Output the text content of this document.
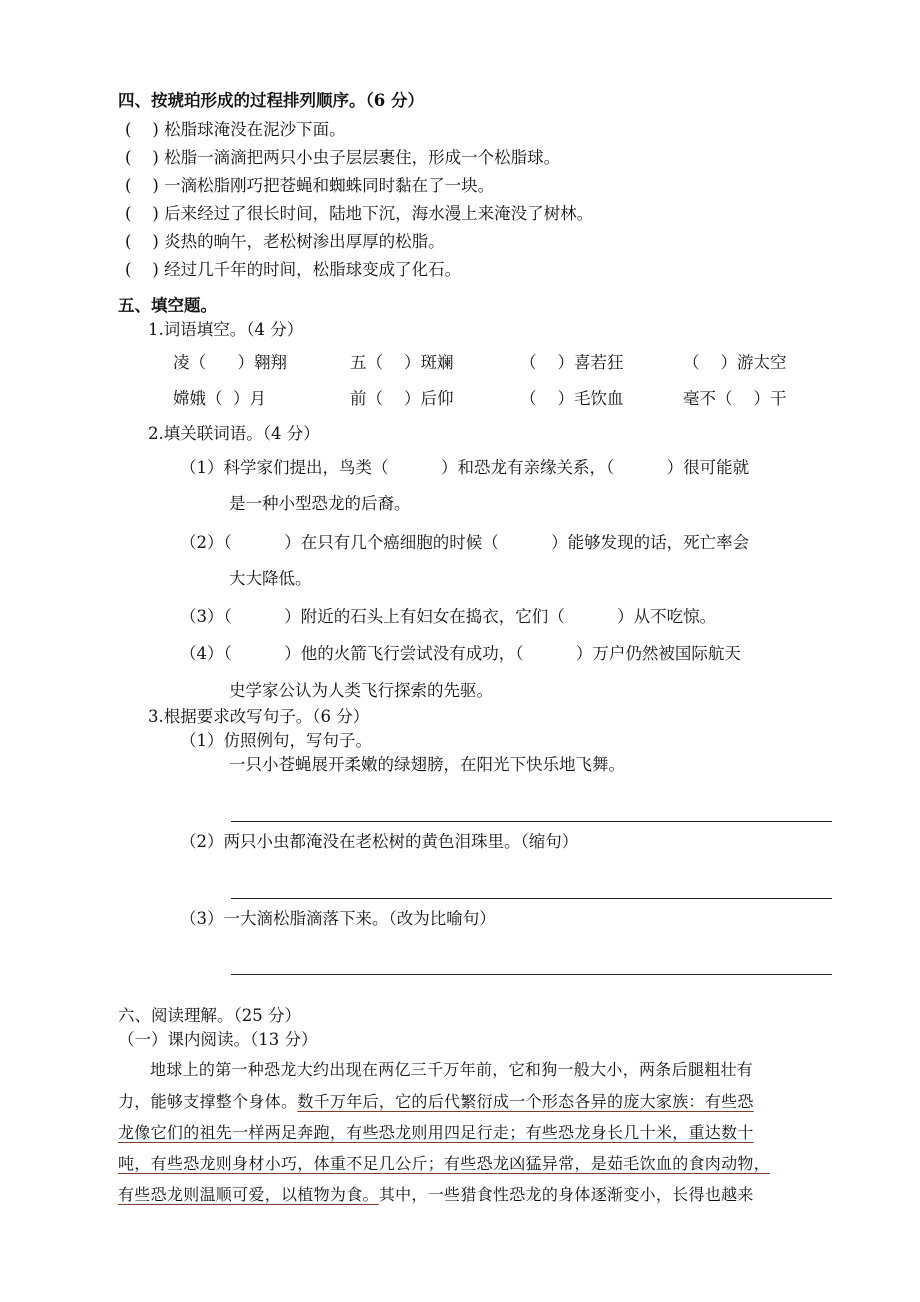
四、按琥珀形成的过程排列顺序。（6 分）
(    ) 松脂球淹没在泥沙下面。
(    ) 松脂一滴滴把两只小虫子层层裹住，形成一个松脂球。
(    ) 一滴松脂刚巧把苍蝇和蜘蛛同时黏在了一块。
(    ) 后来经过了很长时间，陆地下沉，海水漫上来淹没了树林。
(    ) 炎热的晌午，老松树渗出厚厚的松脂。
(    ) 经过几千年的时间，松脂球变成了化石。
五、填空题。
1.词语填空。（4 分）
凌（      ）翱翔	五（    ）斑斓	（    ）喜若狂	（    ）游太空
嫦娥（  ）月	前（    ）后仰	（    ）毛饮血	毫不（    ）干
2.填关联词语。（4 分）
（1）科学家们提出，鸟类（          ）和恐龙有亲缘关系，（          ）很可能就
是一种小型恐龙的后裔。
（2）（          ）在只有几个癌细胞的时候（          ）能够发现的话，死亡率会
大大降低。
（3）（          ）附近的石头上有妇女在捣衣，它们（          ）从不吃惊。
（4）（          ）他的火箭飞行尝试没有成功，（          ）万户仍然被国际航天
史学家公认为人类飞行探索的先驱。
3.根据要求改写句子。（6 分）
（1）仿照例句，写句子。
一只小苍蝇展开柔嫩的绿翅膀，在阳光下快乐地飞舞。
（2）两只小虫都淹没在老松树的黄色泪珠里。（缩句）
（3）一大滴松脂滴落下来。（改为比喻句）
六、阅读理解。（25 分）
（一）课内阅读。（13 分）
地球上的第一种恐龙大约出现在两亿三千万年前，它和狗一般大小，两条后腿粗壮有
力，能够支撑整个身体。数千万年后，它的后代繁衍成一个形态各异的庞大家族：有些恐
龙像它们的祖先一样两足奔跑，有些恐龙则用四足行走；有些恐龙身长几十米，重达数十
吨，有些恐龙则身材小巧，体重不足几公斤；有些恐龙凶猛异常，是茹毛饮血的食肉动物，
有些恐龙则温顺可爱，以植物为食。其中，一些猎食性恐龙的身体逐渐变小，长得也越来
